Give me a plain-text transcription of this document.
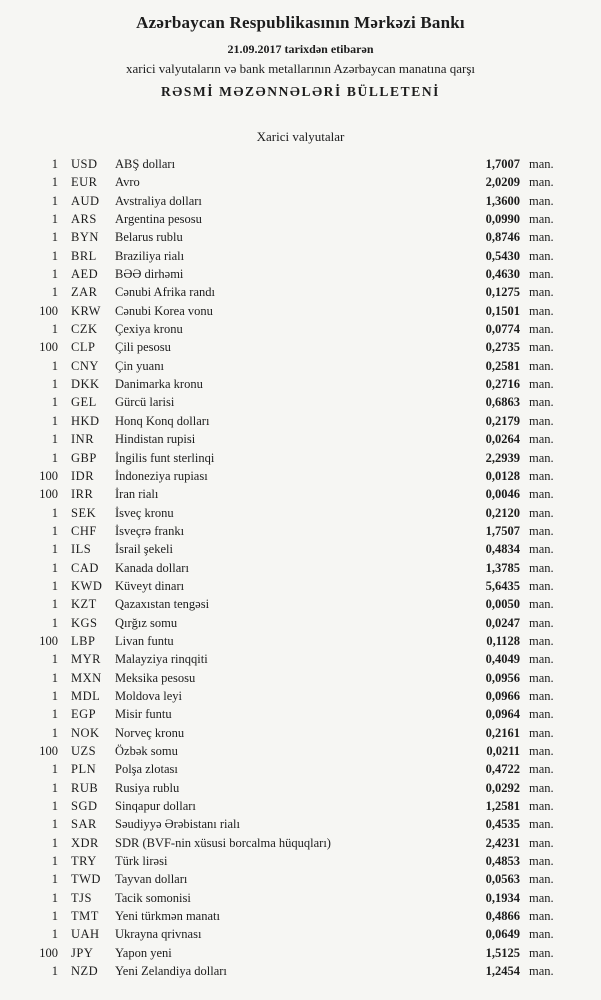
Azərbaycan Respublikasının Mərkəzi Bankı
21.09.2017 tarixdən etibarən
xarici valyutaların və bank metallarının Azərbaycan manatına qarşı
RƏSMİ MƏZƏNNƏLƏRİ BÜLLETENİ
Xarici valyutalar
1 USD	ABŞ dolları	1,7007 man.
1 EUR	Avro	2,0209 man.
1 AUD	Avstraliya dolları	1,3600 man.
1 ARS	Argentina pesosu	0,0990 man.
1 BYN	Belarus rublu	0,8746 man.
1 BRL	Braziliya rialı	0,5430 man.
1 AED	BƏƏ dirhəmi	0,4630 man.
1 ZAR	Cənubi Afrika randı	0,1275 man.
100 KRW	Cənubi Korea vonu	0,1501 man.
1 CZK	Çexiya kronu	0,0774 man.
100 CLP	Çili pesosu	0,2735 man.
1 CNY	Çin yuanı	0,2581 man.
1 DKK	Danimarka kronu	0,2716 man.
1 GEL	Gürcü larisi	0,6863 man.
1 HKD	Honq Konq dolları	0,2179 man.
1 INR	Hindistan rupisi	0,0264 man.
1 GBP	İngilis funt sterlinqi	2,2939 man.
100 IDR	İndoneziya rupiası	0,0128 man.
100 IRR	İran rialı	0,0046 man.
1 SEK	İsveç kronu	0,2120 man.
1 CHF	İsveçrə frankı	1,7507 man.
1 ILS	İsrail şekeli	0,4834 man.
1 CAD	Kanada dolları	1,3785 man.
1 KWD	Küveyt dinarı	5,6435 man.
1 KZT	Qazaxıstan tengəsi	0,0050 man.
1 KGS	Qırğız somu	0,0247 man.
100 LBP	Livan funtu	0,1128 man.
1 MYR	Malayziya rinqqiti	0,4049 man.
1 MXN	Meksika pesosu	0,0956 man.
1 MDL	Moldova leyi	0,0966 man.
1 EGP	Misir funtu	0,0964 man.
1 NOK	Norveç kronu	0,2161 man.
100 UZS	Özbək somu	0,0211 man.
1 PLN	Polşa zlotası	0,4722 man.
1 RUB	Rusiya rublu	0,0292 man.
1 SGD	Sinqapur dolları	1,2581 man.
1 SAR	Səudiyyə Ərəbistanı rialı	0,4535 man.
1 XDR	SDR (BVF-nin xüsusi borcalma hüquqları)	2,4231 man.
1 TRY	Türk lirəsi	0,4853 man.
1 TWD	Tayvan dolları	0,0563 man.
1 TJS	Tacik somonisi	0,1934 man.
1 TMT	Yeni türkmən manatı	0,4866 man.
1 UAH	Ukrayna qrivnası	0,0649 man.
100 JPY	Yapon yeni	1,5125 man.
1 NZD	Yeni Zelandiya dolları	1,2454 man.
